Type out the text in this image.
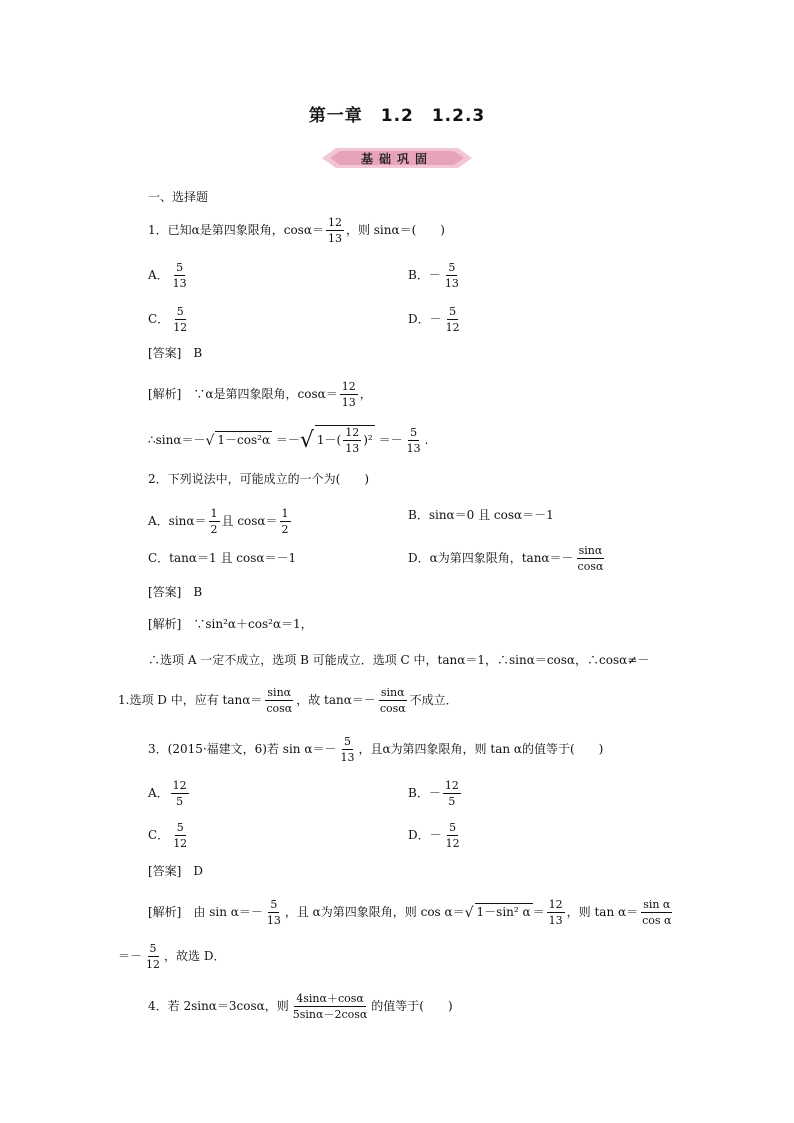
第一章　1.2　1.2.3
基础巩固
一、选择题
1．已知α是第四象限角，$\cos\alpha= \frac{12}{13}$ ，则 sinα＝(　　)
A． $\frac{5}{13}$	B．－ $\frac{5}{13}$
C． $\frac{5}{12}$	D．－ $\frac{5}{12}$
[答案]　 B
[解析]　 ∵α是第四象限角，$\cos\alpha= \frac{12}{13}$ ，
∴sinα＝－√ 1－cos²α ＝－√ $1-( \frac{12}{13} )^2 =- \frac{5}{13}$ .
2．下列说法中，可能成立的一个为(　　)
A．$\sin\alpha= \frac{1}{2}$ 且 $\cos\alpha= \frac{1}{2}$	B．sinα＝0 且 cosα＝－1
C．tanα＝1 且 cosα＝－1	D．α为第四象限角，$\tan\alpha=- \frac{\sin\alpha}{\cos\alpha}$
[答案]　 B
[解析]　 ∵sin²α＋cos²α＝1，
∴选项 A 一定不成立，选项 B 可能成立．选项 C 中，tanα＝1，∴sinα＝cosα，∴cosα≠－
1.选项 D 中，应有 $\tan\alpha= \frac{\sin\alpha}{\cos\alpha}$ ，故 $\tan\alpha=- \frac{\sin\alpha}{\cos\alpha}$ 不成立．
3．(2015·福建文，6)若 $\sin \alpha=- \frac{5}{13}$ ，且α为第四象限角，则 tan α的值等于(　　)
A． $\frac{12}{5}$	B．－ $\frac{12}{5}$
C． $\frac{5}{12}$	D．－ $\frac{5}{12}$
[答案]　 D
[解析]　 由 $\sin \alpha=- \frac{5}{13}$ ，且 α为第四象限角，则 cos α＝√ 1－sin² $\alpha = \frac{12}{13}$ ，则 $\tan \alpha= \frac{\text{sin α}}{\text{cos α}}$
＝－ $\frac{5}{12}$ ，故选 D．
4．若 2sinα＝3cosα，则 $\frac{4\sin\alpha+\cos\alpha}{5\sin\alpha-2\cos\alpha}$ 的值等于(　　)
